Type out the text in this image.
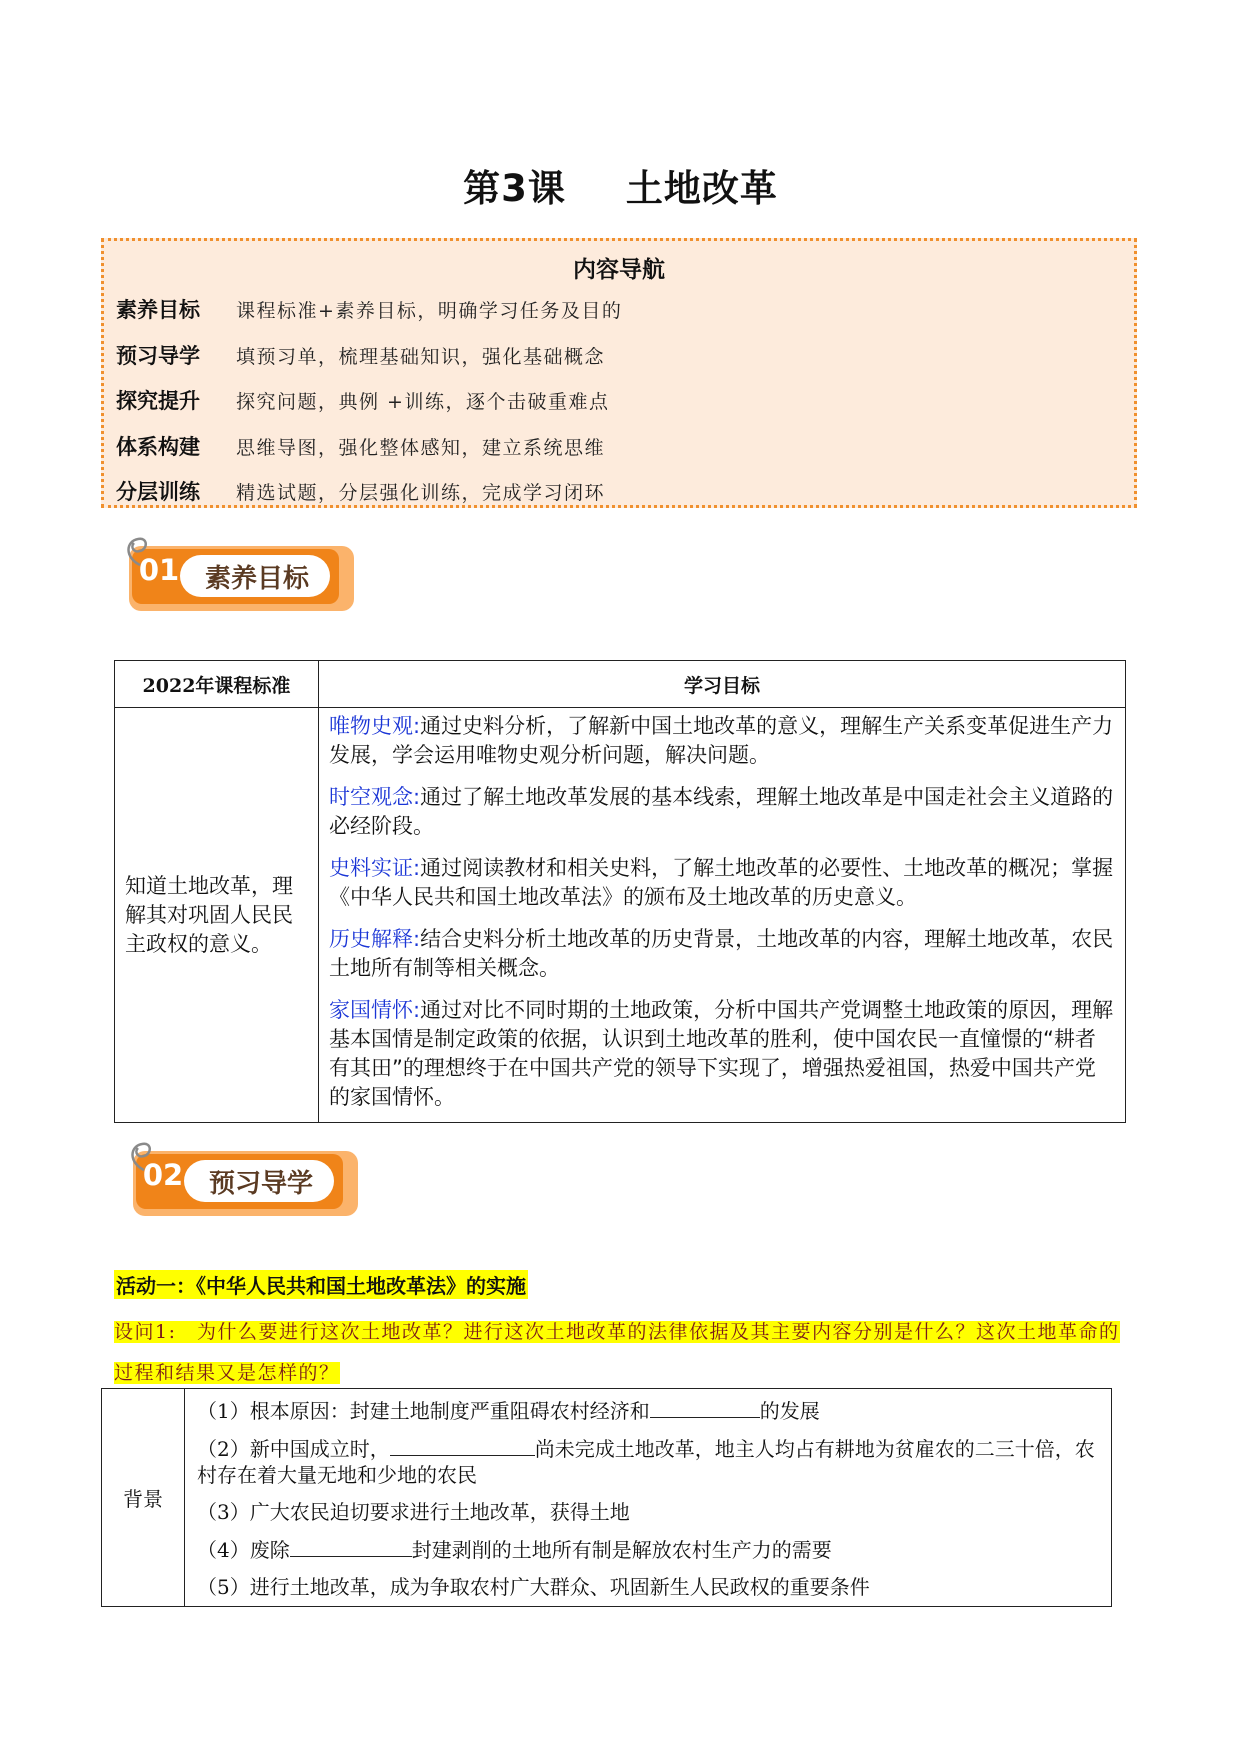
第3课 土地改革
内容导航
素养目标	课程标准+素养目标，明确学习任务及目的
预习导学	填预习单，梳理基础知识，强化基础概念
探究提升	探究问题，典例 +训练，逐个击破重难点
体系构建	思维导图，强化整体感知，建立系统思维
分层训练	精选试题，分层强化训练，完成学习闭环
01 素养目标
2022年课程标准	学习目标
知道土地改革，理解其对巩固人民民主政权的意义。	唯物史观:通过史料分析，了解新中国土地改革的意义，理解生产关系变革促进生产力发展，学会运用唯物史观分析问题，解决问题。
时空观念:通过了解土地改革发展的基本线索，理解土地改革是中国走社会主义道路的必经阶段。
史料实证:通过阅读教材和相关史料，了解土地改革的必要性、土地改革的概况；掌握《中华人民共和国土地改革法》的颁布及土地改革的历史意义。
历史解释:结合史料分析土地改革的历史背景，土地改革的内容，理解土地改革，农民土地所有制等相关概念。
家国情怀:通过对比不同时期的土地政策，分析中国共产党调整土地政策的原因，理解基本国情是制定政策的依据，认识到土地改革的胜利，使中国农民一直憧憬的“耕者有其田”的理想终于在中国共产党的领导下实现了，增强热爱祖国，热爱中国共产党的家国情怀。
02 预习导学
活动一：《中华人民共和国土地改革法》的实施
设问1:　为什么要进行这次土地改革？进行这次土地改革的法律依据及其主要内容分别是什么？这次土地革命的过程和结果又是怎样的？
背景	
（1）根本原因：封建土地制度严重阻碍农村经济和	的发展
（2）新中国成立时，	尚未完成土地改革，地主人均占有耕地为贫雇农的二三十倍，农村存在着大量无地和少地的农民
（3）广大农民迫切要求进行土地改革，获得土地
（4）废除	封建剥削的土地所有制是解放农村生产力的需要
（5）进行土地改革，成为争取农村广大群众、巩固新生人民政权的重要条件
